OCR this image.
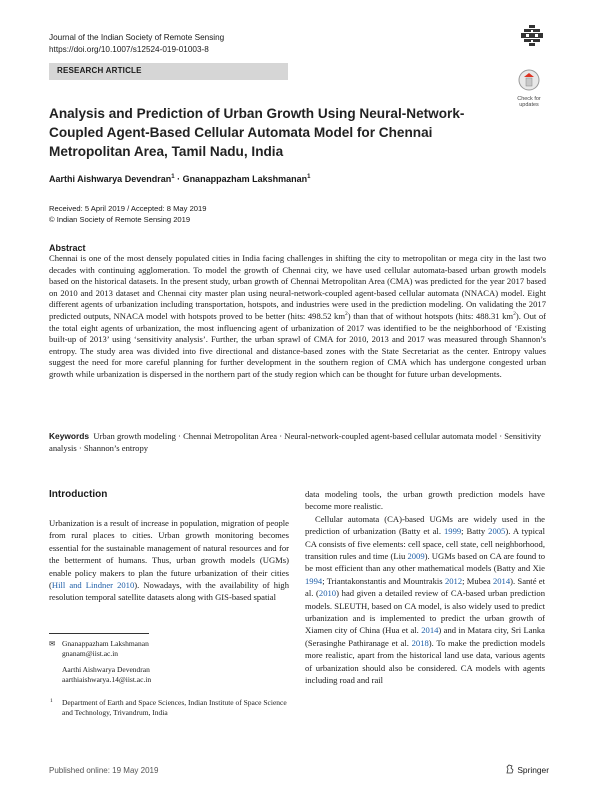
Journal of the Indian Society of Remote Sensing
https://doi.org/10.1007/s12524-019-01003-8
RESEARCH ARTICLE
Check for
updates
Analysis and Prediction of Urban Growth Using Neural-Network-Coupled Agent-Based Cellular Automata Model for Chennai Metropolitan Area, Tamil Nadu, India
Aarthi Aishwarya Devendran$^1$ · Gnanappazham Lakshmanan$^1$
Received: 5 April 2019 / Accepted: 8 May 2019
© Indian Society of Remote Sensing 2019
Abstract
Chennai is one of the most densely populated cities in India facing challenges in shifting the city to metropolitan or mega city in the last two decades with continuing agglomeration. To model the growth of Chennai city, we have used cellular automata-based urban growth models based on the historical datasets. In the present study, urban growth of Chennai Metropolitan Area (CMA) was predicted for the year 2017 based on 2010 and 2013 dataset and Chennai city master plan using neural-network-coupled agent-based cellular automata (NNACA) model. Eight different agents of urbanization including transportation, hotspots, and industries were used in the prediction modeling. On validating the 2017 predicted outputs, NNACA model with hotspots proved to be better (hits: 498.52 $km^2$) than that of without hotspots (hits: 488.31 $km^2$). Out of the total eight agents of urbanization, the most influencing agent of urbanization of 2017 was identified to be the neighborhood of ‘Existing built-up of 2013’ using ‘sensitivity analysis’. Further, the urban sprawl of CMA for 2010, 2013 and 2017 was measured through Shannon’s entropy. The study area was divided into five directional and distance-based zones with the State Secretariat as the center. Entropy values suggest the need for more careful planning for further development in the southern region of CMA which has undergone congested urban growth while urbanization is dispersed in the northern part of the study region which can be thought for future urban developments.
Keywords Urban growth modeling · Chennai Metropolitan Area · Neural-network-coupled agent-based cellular automata model · Sensitivity analysis · Shannon’s entropy
Introduction
Urbanization is a result of increase in population, migration of people from rural places to cities. Urban growth monitoring becomes essential for the sustainable management of natural resources and for the betterment of humans. Thus, urban growth models (UGMs) enable policy makers to plan the future urbanization of their cities (Hill and Lindner 2010). Nowadays, with the availability of high resolution temporal satellite datasets along with GIS-based spatial
data modeling tools, the urban growth prediction models have become more realistic.
Cellular automata (CA)-based UGMs are widely used in the prediction of urbanization (Batty et al. 1999; Batty 2005). A typical CA consists of five elements: cell space, cell state, cell neighborhood, transition rules and time (Liu 2009). UGMs based on CA are found to be most efficient than any other mathematical models (Batty and Xie 1994; Triantakonstantis and Mountrakis 2012; Mubea 2014). Santé et al. (2010) had given a detailed review of CA-based urban prediction models. SLEUTH, based on CA model, is also widely used to predict urbanization and is implemented to predict the urban growth of Xiamen city of China (Hua et al. 2014) and in Matara city, Sri Lanka (Serasinghe Pathiranage et al. 2018). To make the prediction models more realistic, apart from the historical land use data, various agents of urbanization should also be considered. CA models with agents including road and rail
✉ Gnanappazham Lakshmanan
gnanam@iist.ac.in
Aarthi Aishwarya Devendran
aarthiaishwarya.14@iist.ac.in
1 Department of Earth and Space Sciences, Indian Institute of Space Science and Technology, Trivandrum, India
Published online: 19 May 2019	Springer
